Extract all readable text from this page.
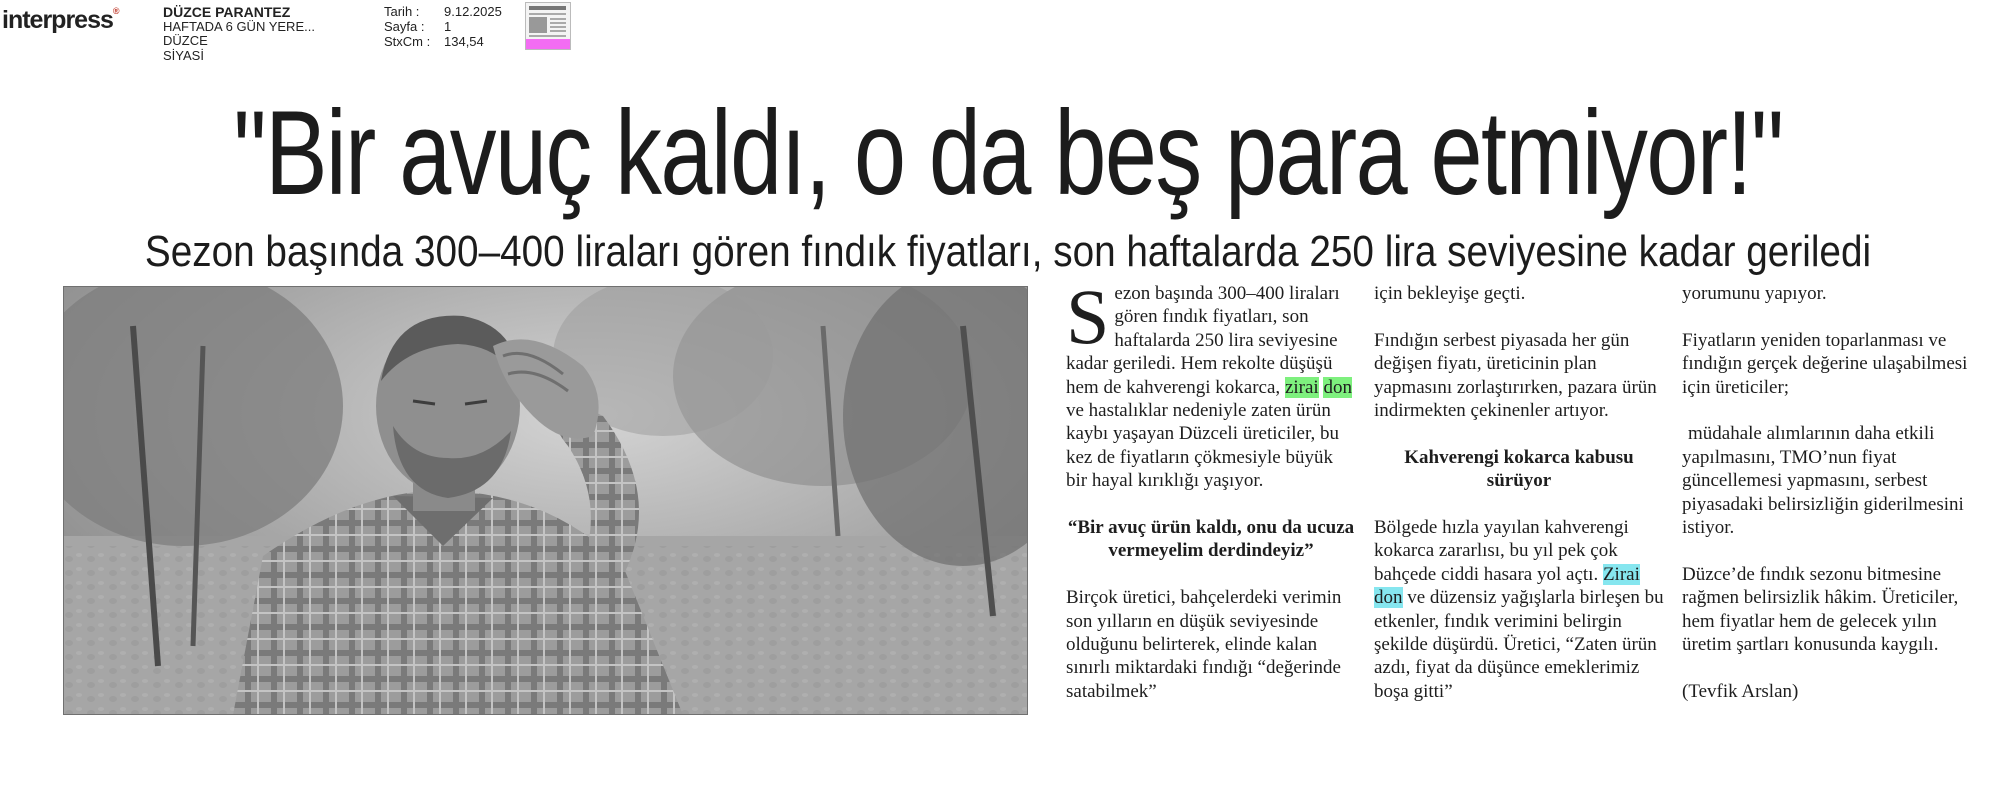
interpress®	DÜZCE PARANTEZ
HAFTADA 6 GÜN YERE...
DÜZCE
SİYASİ
Tarih :	9.12.2025
Sayfa :	1
StxCm :	134,54
"Bir avuç kaldı, o da beş para etmiyor!"
Sezon başında 300–400 liraları gören fındık fiyatları, son haftalarda 250 lira seviyesine kadar geriledi

Sezon başında 300–400 liraları gören fındık fiyatları, son haftalarda 250 lira seviyesine kadar geriledi. Hem rekolte düşüşü hem de kahverengi kokarca, zirai don ve hastalıklar nedeniyle zaten ürün kaybı yaşayan Düzceli üreticiler, bu kez de fiyatların çökmesiyle büyük bir hayal kırıklığı yaşıyor.

“Bir avuç ürün kaldı, onu da ucuza vermeyelim derdindeyiz”

Birçok üretici, bahçelerdeki verimin son yılların en düşük seviyesinde olduğunu belirterek, elinde kalan sınırlı miktardaki fındığı “değerinde satabilmek”

için bekleyişe geçti.

Fındığın serbest piyasada her gün değişen fiyatı, üreticinin plan yapmasını zorlaştırırken, pazara ürün indirmekten çekinenler artıyor.

Kahverengi kokarca kabusu sürüyor

Bölgede hızla yayılan kahverengi kokarca zararlısı, bu yıl pek çok bahçede ciddi hasara yol açtı. Zirai don ve düzensiz yağışlarla birleşen bu etkenler, fındık verimini belirgin şekilde düşürdü. Üretici, “Zaten ürün azdı, fiyat da düşünce emeklerimiz boşa gitti”

yorumunu yapıyor.

Fiyatların yeniden toparlanması ve fındığın gerçek değerine ulaşabilmesi için üreticiler;

müdahale alımlarının daha etkili yapılmasını, TMO’nun fiyat güncellemesi yapmasını, serbest piyasadaki belirsizliğin giderilmesini istiyor.

Düzce’de fındık sezonu bitmesine rağmen belirsizlik hâkim. Üreticiler, hem fiyatlar hem de gelecek yılın üretim şartları konusunda kaygılı.

(Tevfik Arslan)
